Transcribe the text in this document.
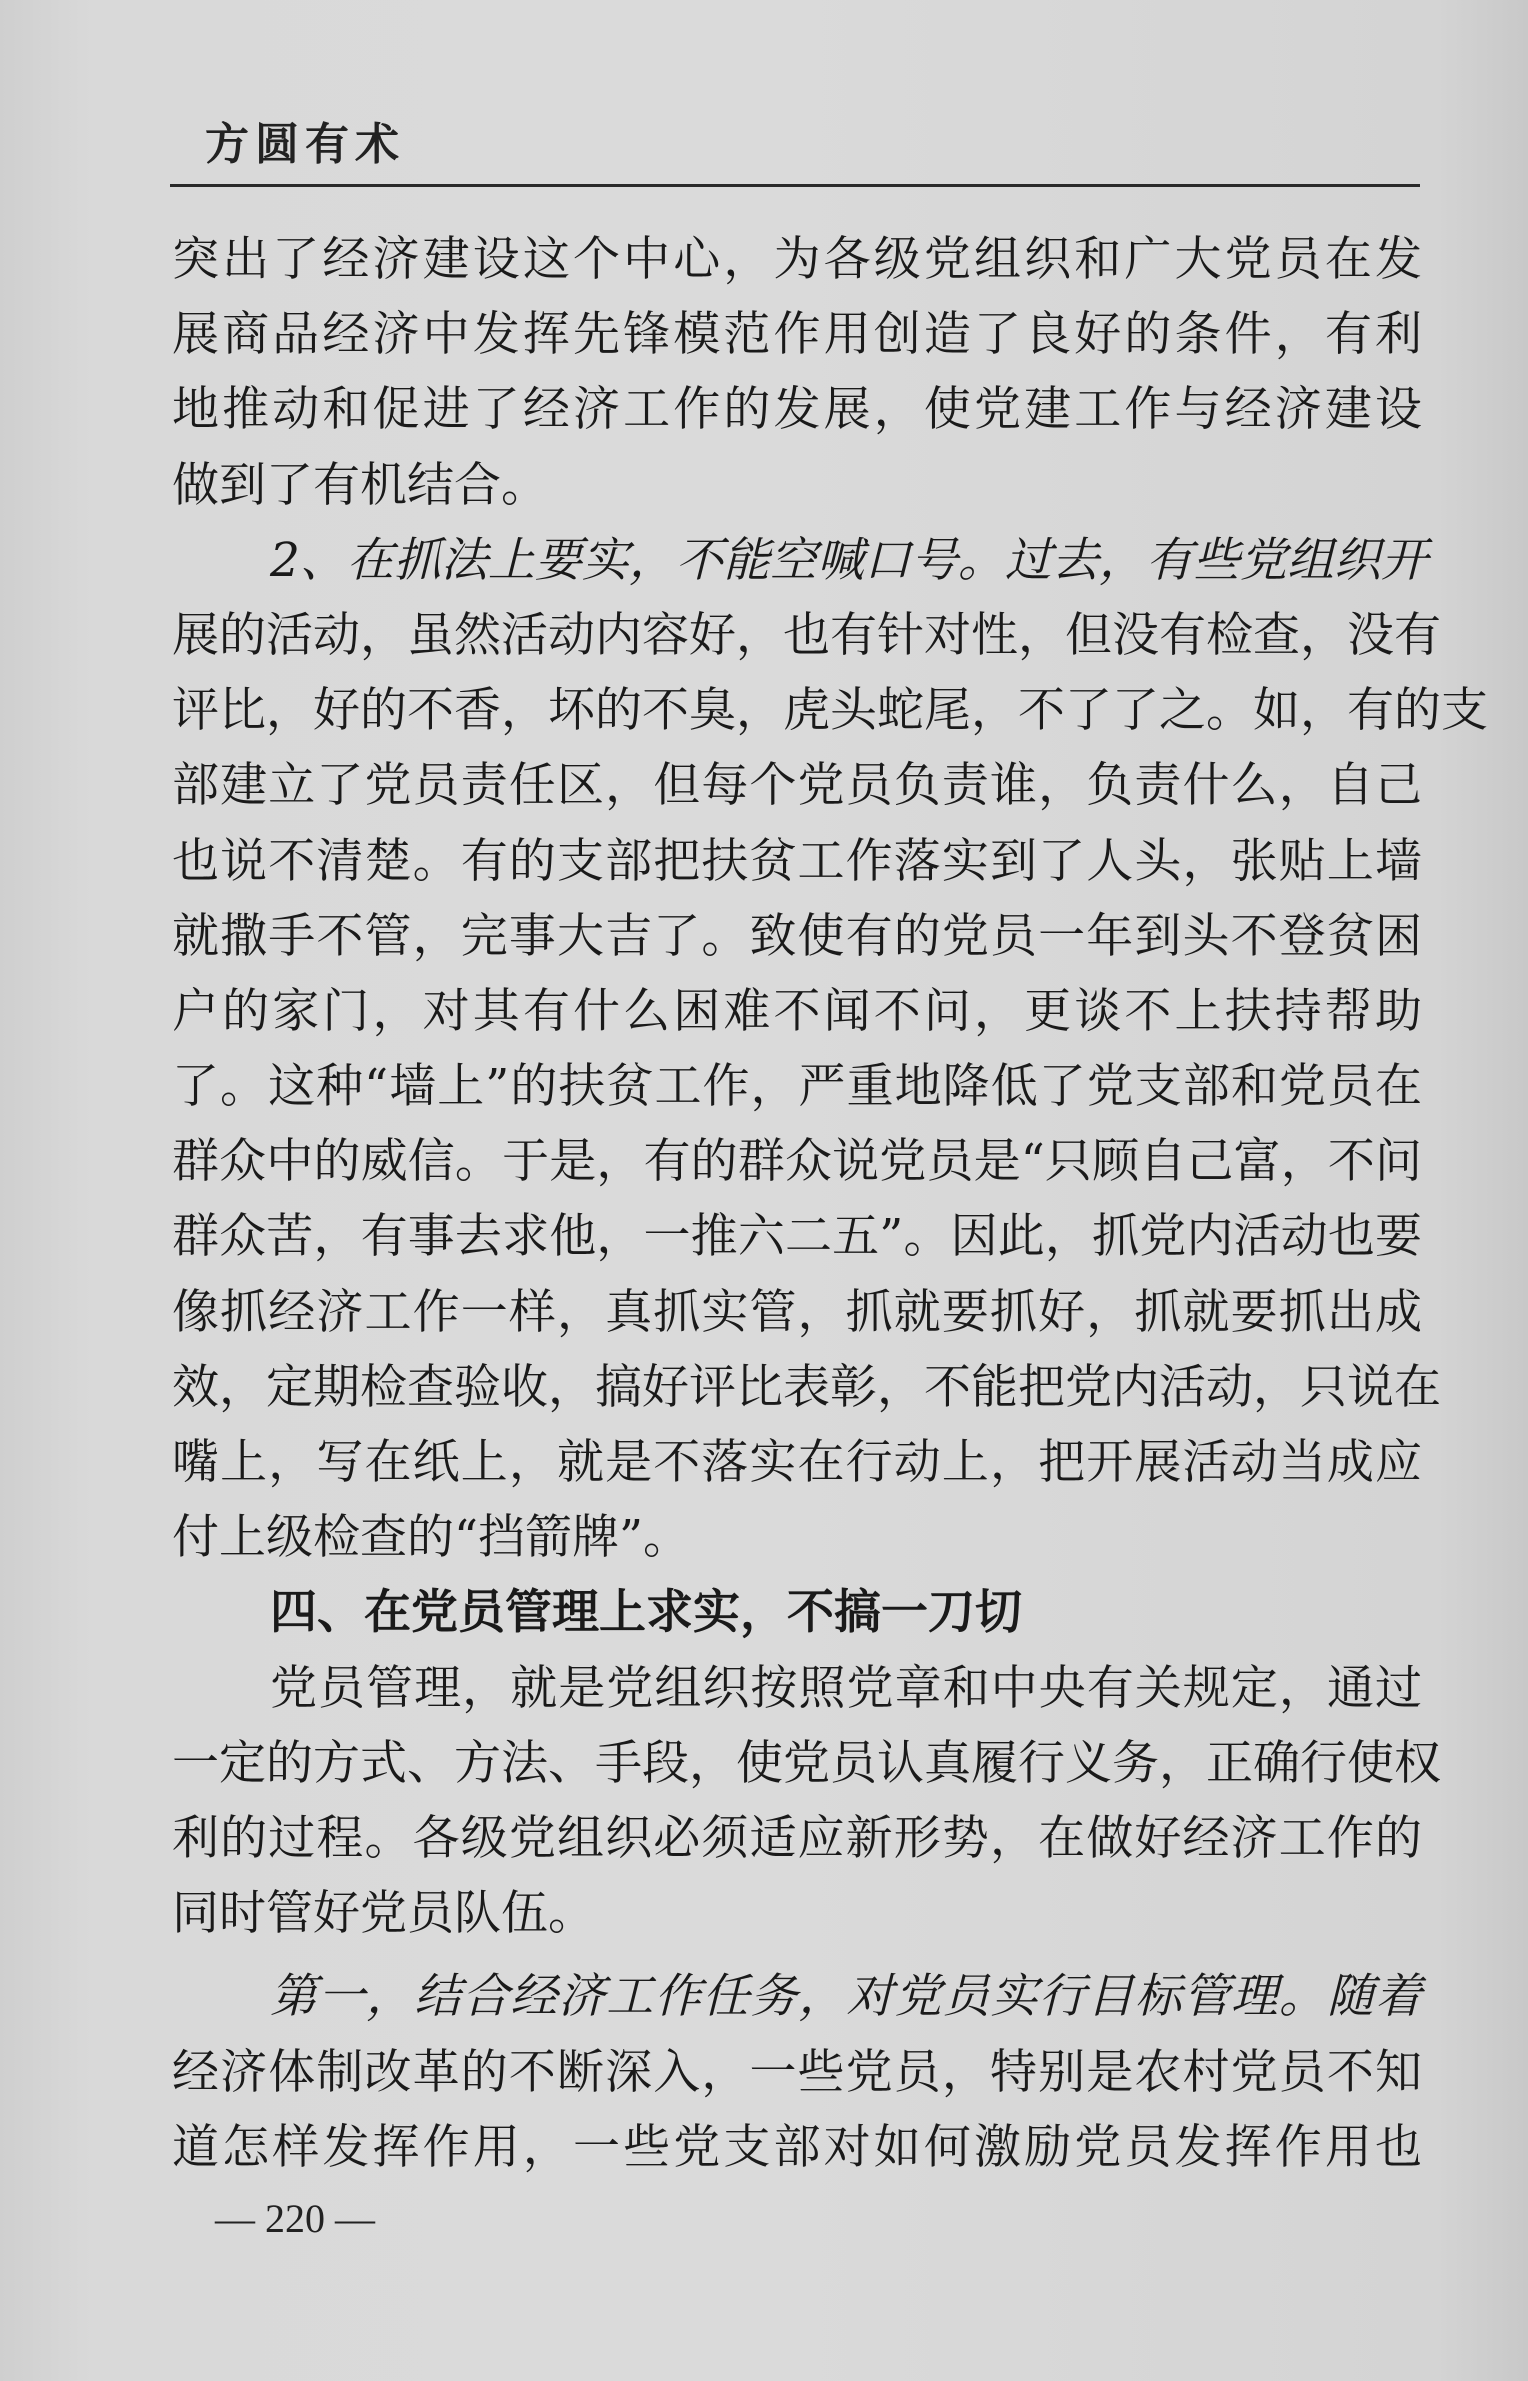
方圆有术
突出了经济建设这个中心，为各级党组织和广大党员在发
展商品经济中发挥先锋模范作用创造了良好的条件，有利
地推动和促进了经济工作的发展，使党建工作与经济建设
做到了有机结合。
2、在抓法上要实，不能空喊口号。过去，有些党组织开
展的活动，虽然活动内容好，也有针对性，但没有检查，没有
评比，好的不香，坏的不臭，虎头蛇尾，不了了之。如，有的支
部建立了党员责任区，但每个党员负责谁，负责什么，自己
也说不清楚。有的支部把扶贫工作落实到了人头，张贴上墙
就撒手不管，完事大吉了。致使有的党员一年到头不登贫困
户的家门，对其有什么困难不闻不问，更谈不上扶持帮助
了。这种“墙上”的扶贫工作，严重地降低了党支部和党员在
群众中的威信。于是，有的群众说党员是“只顾自己富，不问
群众苦，有事去求他，一推六二五”。因此，抓党内活动也要
像抓经济工作一样，真抓实管，抓就要抓好，抓就要抓出成
效，定期检查验收，搞好评比表彰，不能把党内活动，只说在
嘴上，写在纸上，就是不落实在行动上，把开展活动当成应
付上级检查的“挡箭牌”。
四、在党员管理上求实，不搞一刀切
党员管理，就是党组织按照党章和中央有关规定，通过
一定的方式、方法、手段，使党员认真履行义务，正确行使权
利的过程。各级党组织必须适应新形势，在做好经济工作的
同时管好党员队伍。
第一，结合经济工作任务，对党员实行目标管理。随着
经济体制改革的不断深入，一些党员，特别是农村党员不知
道怎样发挥作用，一些党支部对如何激励党员发挥作用也
— 220 —
